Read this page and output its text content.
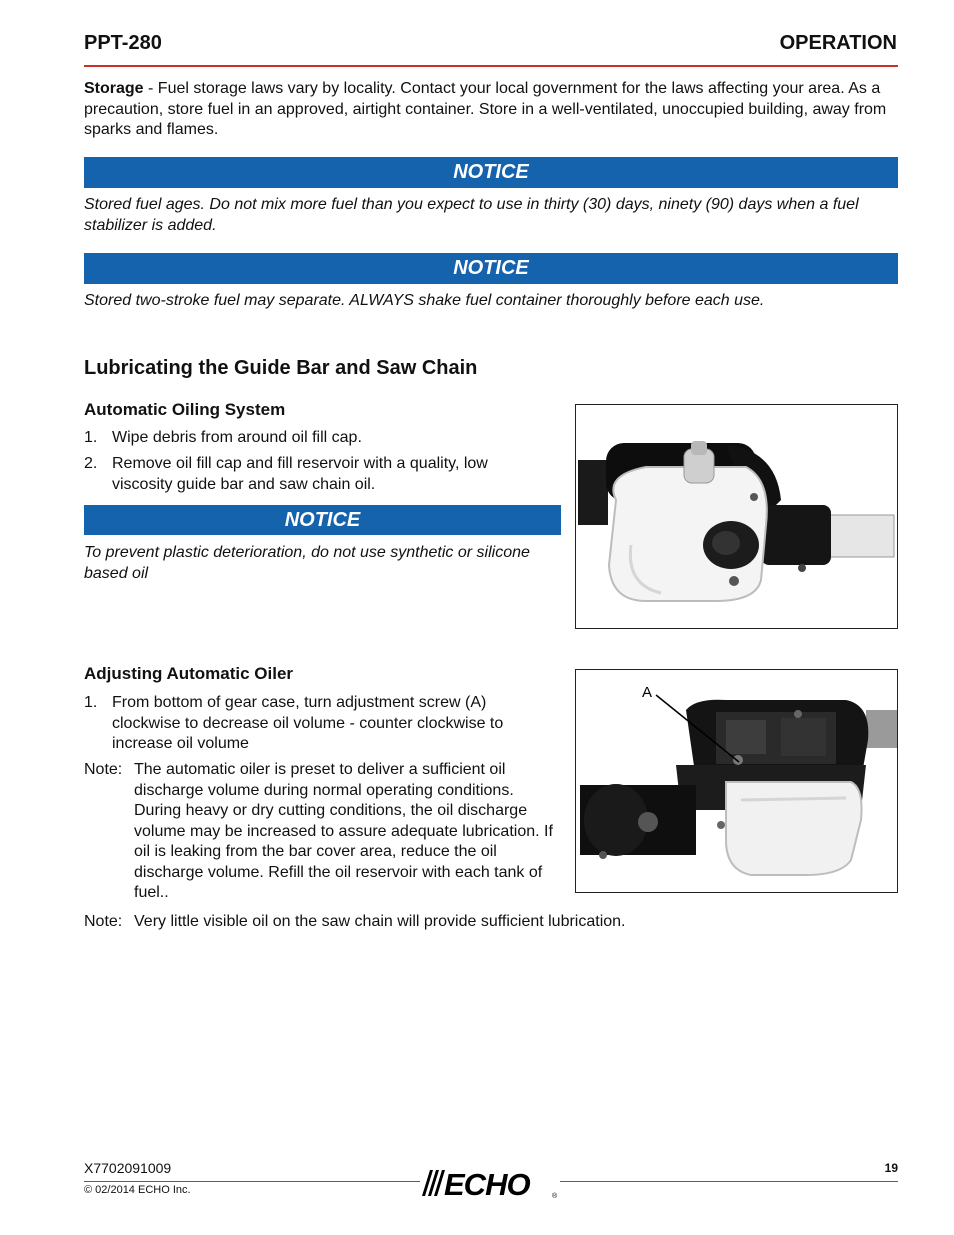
PPT-280	OPERATION
Storage - Fuel storage laws vary by locality. Contact your local government for the laws affecting your area. As a precaution, store fuel in an approved, airtight container. Store in a well-ventilated, unoccupied building, away from sparks and flames.
NOTICE
Stored fuel ages. Do not mix more fuel than you expect to use in thirty (30) days, ninety (90) days when a fuel stabilizer is added.
NOTICE
Stored two-stroke fuel may separate. ALWAYS shake fuel container thoroughly before each use.
Lubricating the Guide Bar and Saw Chain
Automatic Oiling System
1. Wipe debris from around oil fill cap.
2. Remove oil fill cap and fill reservoir with a quality, low viscosity guide bar and saw chain oil.
NOTICE
To prevent plastic deterioration, do not use synthetic or silicone based oil
Adjusting Automatic Oiler
1. From bottom of gear case, turn adjustment screw (A) clockwise to decrease oil volume - counter clockwise to increase oil volume
Note: The automatic oiler is preset to deliver a sufficient oil discharge volume during normal operating conditions. During heavy or dry cutting conditions, the oil discharge volume may be increased to assure adequate lubrication. If oil is leaking from the bar cover area, reduce the oil discharge volume. Refill the oil reservoir with each tank of fuel..
Note: Very little visible oil on the saw chain will provide sufficient lubrication.
A
X7702091009
© 02/2014 ECHO Inc.
19
ECHO	®
